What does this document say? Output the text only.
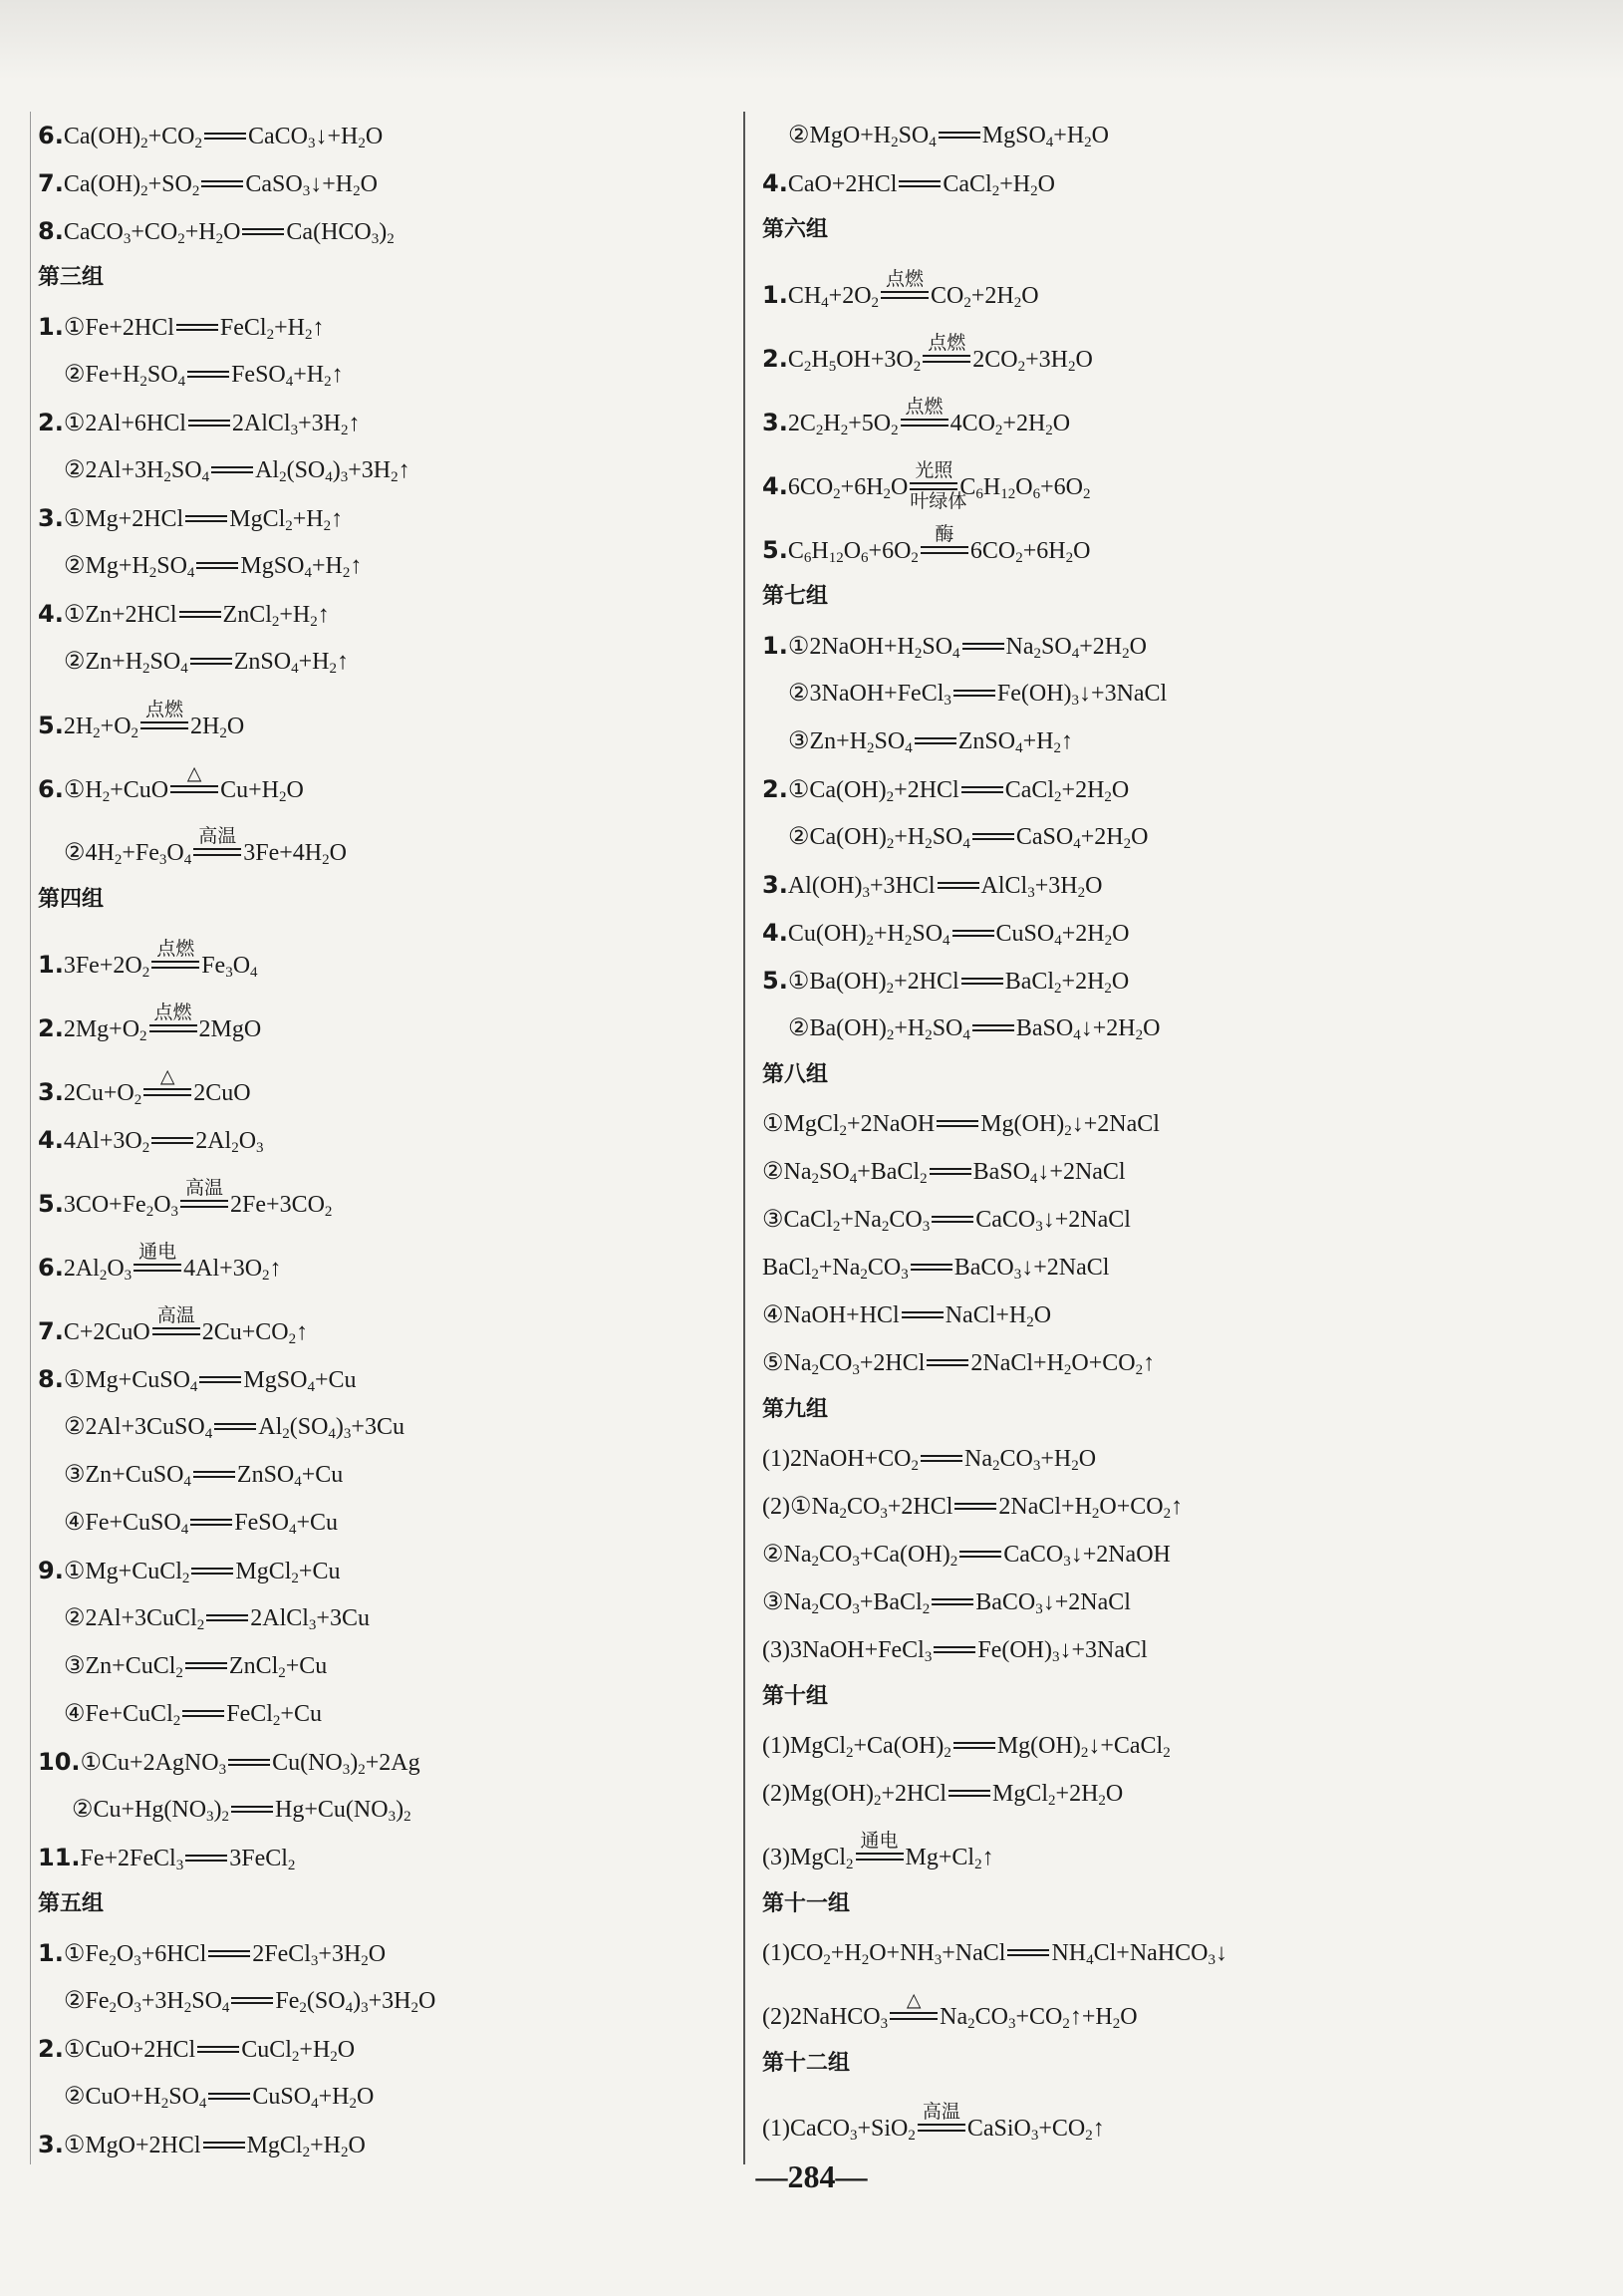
$6.Ca(OH)_2+CO_2$ $CaCO_3↓+H_2O$
$7.Ca(OH)_2+SO_2$ $CaSO_3↓+H_2O$
$8.CaCO_3+CO_2+H_2O$ $Ca(HCO_3)_2$
第三组
1.①Fe+2HCl $FeCl_2+H_2↑$
$②Fe+H_2SO_4$ $FeSO_4+H_2↑$
2.①2Al+6HCl $2AlCl_3+3H_2↑$
$②2Al+3H_2SO_4$ $Al_2(SO_4)_3+3H_2↑$
3.①Mg+2HCl $MgCl_2+H_2↑$
$②Mg+H_2SO_4$ $MgSO_4+H_2↑$
4.①Zn+2HCl $ZnCl_2+H_2↑$
$②Zn+H_2SO_4$ $ZnSO_4+H_2↑$
$5.2H_2+O_2$
点燃
$2H_2O$
$6.①H_2+CuO$
△
$Cu+H_2O$
$②4H_2+Fe_3O_4$
高温
$3Fe+4H_2O$
第四组
$1.3Fe+2O_2$
点燃
$Fe_3O_4$
$2.2Mg+O_2$
点燃
2MgO
$3.2Cu+O_2$
△
2CuO
$4.4Al+3O_2$ $2Al_2O_3$
$5.3CO+Fe_2O_3$
高温
$2Fe+3CO_2$
$6.2Al_2O_3$
通电
$4Al+3O_2↑$
7.C+2CuO
高温
$2Cu+CO_2↑$
8.①Mg+CuSO$_4$ MgSO$_4$+Cu
②2Al+3CuSO$_4$ $Al_2(SO_4)_3+3Cu$
③Zn+CuSO$_4$ ZnSO$_4$+Cu
④Fe+CuSO$_4$ FeSO$_4$+Cu
9.①Mg+CuCl$_2$ MgCl$_2$+Cu
②2Al+3CuCl$_2$ 2AlCl$_3$+3Cu
③Zn+CuCl$_2$ ZnCl$_2$+Cu
④Fe+CuCl$_2$ FeCl$_2$+Cu
10.①Cu+2AgNO$_3$ $Cu(NO_3)_2+2Ag$
$②Cu+Hg(NO_3)_2$ $Hg+Cu(NO_3)_2$
11.Fe+2FeCl$_3$ 3FeCl$_2$
第五组
$1.①Fe_2O_3+6HCl$ $2FeCl_3+3H_2O$
$②Fe_2O_3+3H_2SO_4$ $Fe_2(SO_4)_3+3H_2O$
2.①CuO+2HCl $CuCl_2+H_2O$
$②CuO+H_2SO_4$ $CuSO_4+H_2O$
3.①MgO+2HCl $MgCl_2+H_2O$
$②MgO+H_2SO_4$ $MgSO_4+H_2O$
4.CaO+2HCl $CaCl_2+H_2O$
第六组
$1.CH_4+2O_2$
点燃
$CO_2+2H_2O$
$2.C_2H_5OH+3O_2$
点燃
$2CO_2+3H_2O$
$3.2C_2H_2+5O_2$
点燃
$4CO_2+2H_2O$
$4.6CO_2+6H_2O$
光照
叶绿体
$C_6H_{12}O_6+6O_2$
$5.C_6H_{12}O_6+6O_2$
酶
$6CO_2+6H_2O$
第七组
$1.①2NaOH+H_2SO_4$ $Na_2SO_4+2H_2O$
②3NaOH+FeCl$_3$ $Fe(OH)_3↓+3NaCl$
$③Zn+H_2SO_4$ $ZnSO_4+H_2↑$
$2.①Ca(OH)_2+2HCl$ $CaCl_2+2H_2O$
$②Ca(OH)_2+H_2SO_4$ $CaSO_4+2H_2O$
$3.Al(OH)_3+3HCl$ $AlCl_3+3H_2O$
$4.Cu(OH)_2+H_2SO_4$ $CuSO_4+2H_2O$
$5.①Ba(OH)_2+2HCl$ $BaCl_2+2H_2O$
$②Ba(OH)_2+H_2SO_4$ $BaSO_4↓+2H_2O$
第八组
①MgCl$_2$+2NaOH $Mg(OH)_2↓+2NaCl$
$②Na_2SO_4+BaCl_2$ BaSO$_4$↓+2NaCl
$③CaCl_2+Na_2CO_3$ CaCO$_3$↓+2NaCl
$BaCl_2+Na_2CO_3$ BaCO$_3$↓+2NaCl
④NaOH+HCl $NaCl+H_2O$
$⑤Na_2CO_3+2HCl$ $2NaCl+H_2O+CO_2↑$
第九组
$(1)2NaOH+CO_2$ $Na_2CO_3+H_2O$
$(2)①Na_2CO_3+2HCl$ $2NaCl+H_2O+CO_2↑$
$②Na_2CO_3+Ca(OH)_2$ CaCO$_3$↓+2NaOH
$③Na_2CO_3+BaCl_2$ BaCO$_3$↓+2NaCl
(3)3NaOH+FeCl$_3$ $Fe(OH)_3↓+3NaCl$
第十组
$(1)MgCl_2+Ca(OH)_2$ $Mg(OH)_2↓+CaCl_2$
$(2)Mg(OH)_2+2HCl$ $MgCl_2+2H_2O$
(3)MgCl$_2$
通电
$Mg+Cl_2↑$
第十一组
$(1)CO_2+H_2O+NH_3+NaCl$ $NH_4Cl+NaHCO_3↓$
(2)2NaHCO$_3$
△
$Na_2CO_3+CO_2↑+H_2O$
第十二组
(1)CaCO$_3$+SiO$_2$
高温
$CaSiO_3+CO_2↑$
—284—
